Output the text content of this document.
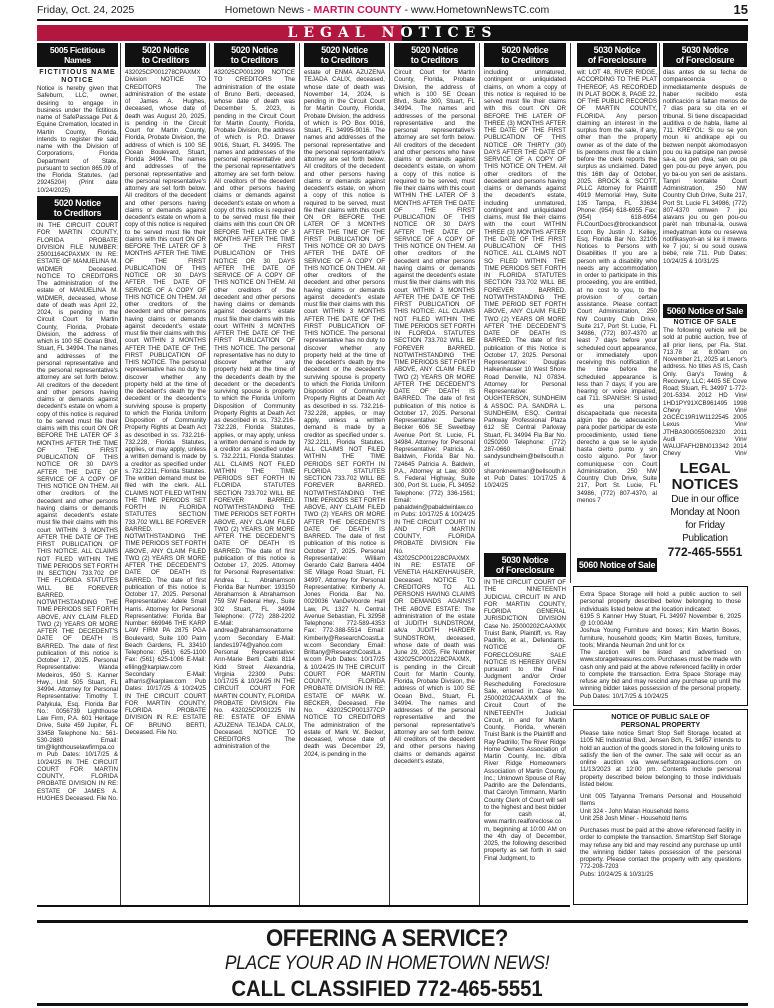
Friday, Oct. 24, 2025	Hometown News - MARTIN COUNTY - www.HometownNewsTC.com	15
LEGAL NOTICES
5005 Fictitious Names
FICTITIOUS NAME NOTICE
Notice is hereby given that Safeburn, LLC, owner, desiring to engage in business under the fictitious name of SafePassage Pet & Equine Cremation, located in Martin County, Florida, intends to register the said name with the Division of Corporations, Florida Department of State, pursuant to section 865.09 of the Florida Statutes. (ad 2924520#) (Print date 10/24/2025)
5020 Notice
to Creditors
IN THE CIRCUIT COURT FOR MARTIN COUNTY, FLORIDA PROBATE DIVISION FILE NUMBER: 25001164CPAXMX IN RE: ESTATE OF MANUELINA M. WIDMER Deceased. NOTICE TO CREDITORS The administration of the estate of MANUELINA M. WIDMER, deceased, whose date of death was April 22, 2024, is pending in the Circuit Court for Martin County, Florida, Probate Division, the address of which is 100 SE Ocean Blvd, Stuart, FL 34994. The names and addresses of the personal representative and the personal representative's attorney are set forth below. All creditors of the decedent and other persons having claims or demands against decedent's estate on whom a copy of this notice is required to be served must file their claims with this court ON OR BEFORE THE LATER OF 3 MONTHS AFTER THE TIME OF THE FIRST PUBLICATION OF THIS NOTICE OR 30 DAYS AFTER THE DATE OF SERVICE OF A COPY OF THIS NOTICE ON THEM. All other creditors of the decedent and other persons having claims or demands against decedent's estate must file their claims with this court WITHIN 3 MONTHS AFTER THE DATE OF THE FIRST PUBLICATION OF THIS NOTICE. ALL CLAIMS NOT FILED WITHIN THE TIME PERIODS SET FORTH IN SECTION 733.702 OF THE FLORIDA STATUTES WILL BE FOREVER BARRED. NOTWITHSTANDING THE TIME PERIODS SET FORTH ABOVE, ANY CLAIM FILED TWO (2) YEARS OR MORE AFTER THE DECEDENT'S DATE OF DEATH IS BARRED. The date of first publication of this notice is October 17, 2025. Personal Representative: Wanda Medeiros, 950 S. Kanner Hwy., Unit 505 Stuart, FL 34994. Attorney for Personal Representative: Timothy T. Patykula, Esq. Florida Bar No.: 0056739 Lighthouse Law Firm, P.A. 601 Heritage Drive, Suite 459 Jupiter, FL 33458 Telephone No.: 561-530-2880 Email: tim@lighthouselawfirmpa.com Pub Dates: 10/17/25 & 10/24/25 IN THE CIRCUIT COURT FOR MARTIN COUNTY, FLORIDA PROBATE DIVISION IN RE: ESTATE OF JAMES A. HUGHES Deceased. File No.
5020 Notice
to Creditors
432025CP001278CPAXMX Division NOTICE TO CREDITORS The administration of the estate of James A. Hughes, deceased, whose date of death was August 20, 2025, is pending in the Circuit Court for Martin County, Florida, Probate Division, the address of which is 100 SE Ocean Boulevard, Stuart, Florida 34994. The names and addresses of the personal representative and the personal representative's attorney are set forth below. All creditors of the decedent and other persons having claims or demands against decedent's estate on whom a copy of this notice is required to be served must file their claims with this court ON OR BEFORE THE LATER OF 3 MONTHS AFTER THE TIME OF THE FIRST PUBLICATION OF THIS NOTICE OR 30 DAYS AFTER THE DATE OF SERVICE OF A COPY OF THIS NOTICE ON THEM. All other creditors of the decedent and other persons having claims or demands against decedent's estate must file their claims with this court WITHIN 3 MONTHS AFTER THE DATE OF THE FIRST PUBLICATION OF THIS NOTICE. The personal representative has no duty to discover whether any property held at the time of the decedent's death by the decedent or the decedent's surviving spouse is property to which the Florida Uniform Disposition of Community Property Rights at Death Act as described in ss. 732.216-732.228, Florida Statutes, applies, or may apply, unless a written demand is made by a creditor as specified under s. 732.2211, Florida Statutes. The written demand must be filed with the clerk. ALL CLAIMS NOT FILED WITHIN THE TIME PERIODS SET FORTH IN FLORIDA STATUTES SECTION 733.702 WILL BE FOREVER BARRED. NOTWITHSTANDING THE TIME PERIODS SET FORTH ABOVE, ANY CLAIM FILED TWO (2) YEARS OR MORE AFTER THE DECEDENT'S DATE OF DEATH IS BARRED. The date of first publication of this notice is October 17, 2025. Personal Representative: Adele Small Harris. Attorney for Personal Representative: Florida Bar Number: 669946 THE KARP LAW FIRM PA 2875 PGA Boulevard, Suite 100 Palm Beach Gardens, FL 33410 Telephone: (561) 625-1100 Fax: (561) 625-1006 E-Mail: efiling@karplaw.com Secondary E-Mail: afharris@karplaw.com Pub Dates: 10/17/25 & 10/24/25 IN THE CIRCUIT COURT FOR MARTIN COUNTY, FLORIDA PROBATE DIVISION IN R.E: ESTATE OF BRUNO BERTI, Deceased. File No.
5020 Notice
to Creditors
432025CP001299 NOTICE TO CREDITORS The administration of the estate of Bruno Berti, deceased, whose date of death was December 5, 2023, is pending in the Circuit Court for Martin County, Florida, Probate Division, the address of which is P.O. Drawer 9016, Stuart, FL 34995. The names and addresses of the personal representative and the personal representative's attorney are set forth below. All creditors of the decedent and other persons having claims or demands against decedent's estate on whom a copy of this notice is required to be served must file their claims with this court ON OR BEFORE THE LATER OF 3 MONTHS AFTER THE TIME OF THE FIRST PUBLICATION OF THIS NOTICE OR 30 DAYS AFTER THE DATE OF SERVICE OF A COPY OF THIS NOTICE ON THEM. All other creditors of the decedent and other persons having claims or demands against decedent's estate must file their claims with this court WITHIN 3 MONTHS AFTER THE DATE OF THE FIRST PUBLICATION OF THIS NOTICE. The personal representative has no duty to discover whether any property held at the time of the decedent's death by the decedent or the decedent's surviving spouse is property to which the Florida Uniform Disposition of Community Property Rights at Death Act as described in ss. 732.216-732.228, Florida Statutes, applies, or may apply, unless a written demand is made by a creditor as specified under s. 732.2211, Florida Statutes. ALL CLAIMS NOT FILED WITHIN THE TIME PERIODS SET FORTH IN FLORIDA STATUTES SECTION 733.702 WILL BE FOREVER BARRED. NOTWITHSTANDING THE TIME PERIODS SET FORTH ABOVE, ANY CLAIM FILED TWO (2) YEARS OR MORE AFTER THE DECEDENT'S DATE OF DEATH IS BARRED. The date of first publication of this notice is October 17, 2025. Attorney for Personal Representative: Andrea L. Abrahamson Florida Bar Number: 193150 Abrahamson & Abrahamson 759 SW Federal Hwy., Suite 302 Stuart, FL 34994 Telephone: (772) 288-2202 E-Mail: andrea@abrahamsonattorney.com Secondary E-Mail: landes1974@yahoo.com Personal Representative: Ann-Marie Berti Calbi 8114 Kidd Street Alexandria, Virginia 22309 Pubs: 10/17/25 & 10/24/25 IN THE CIRCUIT COURT FOR MARTIN COUNTY, FLORIDA PROBATE DIVISION File No. 432025CP001225 IN RE: ESTATE OF ENMA AZUZENA TEJADA CALIX, Deceased. NOTICE TO CREDITORS The administration of the
5020 Notice
to Creditors
estate of ENMA AZUZENA TEJADA CALIX, deceased, whose date of death was November 14, 2024, is pending in the Circuit Court for Martin County, Florida, Probate Division, the address of which is PO Box 9016, Stuart, FL 34995-9016. The names and addresses of the personal representative and the personal representative's attorney are set forth below. All creditors of the decedent and other persons having claims or demands against decedent's estate, on whom a copy of this notice is required to be served, must file their claims with this court ON OR BEFORE THE LATER OF 3 MONTHS AFTER THE TIME OF THE FIRST PUBLICATION OF THIS NOTICE OR 30 DAYS AFTER THE DATE OF SERVICE OF A COPY OF THIS NOTICE ON THEM. All other creditors of the decedent and other persons having claims or demands against decedent's estate must file their claims with this court WITHIN 3 MONTHS AFTER THE DATE OF THE FIRST PUBLICATION OF THIS NOTICE. The personal representative has no duty to discover whether any property held at the time of the decedent's death by the decedent or the decedent's surviving spouse is property to which the Florida Uniform Disposition of Community Property Rights at Death Act as described in ss. 732.216-732.228, applies, or may apply, unless a written demand is made by a creditor as specified under s. 732.2211, Florida Statutes. ALL CLAIMS NOT FILED WITHIN THE TIME PERIODS SET FORTH IN FLORIDA STATUTES SECTION 733.702 WILL BE FOREVER BARRED. NOTWITHSTANDING THE TIME PERIODS SET FORTH ABOVE, ANY CLAIM FILED TWO (2) YEARS OR MORE AFTER THE DECEDENT'S DATE OF DEATH IS BARRED. The date of first publication of this notice is October 17, 2025. Personal Representative: William Gerardo Caliz Barrera 4404 SE Village Road Stuart, FL 34997. Attorney for Personal Representative: Kimberly A. Jones Florida Bar No. 0029036 VanDeVoorde Hall Law, PL 1327 N. Central Avenue Sebastian, FL 32958 Telephone: 772-589-4353 Fax: 772-388-5514 Email: Kimberly@ResearchCoastLaw.com Secondary Email: Brittany@ResearchCoastLaw.com Pub Dates: 10/17/25 & 10/24/25 IN THE CIRCUIT COURT FOR MARTIN COUNTY, FLORIDA PROBATE DIVISION IN RE: ESTATE OF MARK W. BECKER, Deceased. File No. 432025CP001377CP NOTICE TO CREDITORS The administration of the estate of Mark W. Becker, deceased, whose date of death was December 29, 2024, is pending in the
5020 Notice
to Creditors
Circuit Court for Martin County, Florida, Probate Division, the address of which is 100 SE Ocean Blvd., Suite 300, Stuart, FL 34994. The names and addresses of the personal representative and the personal representative's attorney are set forth below. All creditors of the decedent and other persons who have claims or demands against decedent's estate, on whom a copy of this notice is required to be served, must file their claims with this court WITHIN THE LATER OF 3 MONTHS AFTER THE DATE OF THE FIRST PUBLICATION OF THIS NOTICE OR 30 DAYS AFTER THE DATE OF SERVICE OF A COPY OF THIS NOTICE ON THEM. All other creditors of the decedent and other persons having claims or demands against the decedent's estate must file their claims with this court WITHIN 3 MONTHS AFTER THE DATE OF THE FIRST PUBLICATION OF THIS NOTICE. ALL CLAIMS NOT FILED WITHIN THE TIME PERIODS SET FORTH IN FLORIDA STATUTES SECTION 733.702 WILL BE FOREVER BARRED. NOTWITHSTANDING THE TIME PERIODS SET FORTH ABOVE, ANY CLAIM FILED TWO (2) YEARS OR MORE AFTER THE DECEDENT'S DATE OF DEATH IS BARRED. The date of first publication of this notice is October 17, 2025. Personal Representative: Darlene Becker 606 SE Sweetbay Avenue Port St. Lucie, FL 34984. Attorney for Personal Representative: Patricia A. Baldwin, Florida Bar No. 724645 Patricia A. Baldwin, P.A., Attorney at Law, 8000 S. Federal Highway, Suite 300, Port St. Lucie, FL 34952 Telephone: (772) 336-1561; Email: pabaldwin@pabaldwinlaw.com Pubs: 10/17/25 & 10/24/25 IN THE CIRCUIT COURT IN AND FOR MARTIN COUNTY, FLORIDA PROBATE DIVISION File No. 432025CP001228CPAXMX IN RE: ESTATE OF VENETIA HALKENHAUSER, Deceased. NOTICE TO CREDITORS TO ALL PERSONS HAVING CLAIMS OR DEMANDS AGAINST THE ABOVE ESTATE: The administration of the estate of JUDITH SUNDSTROM, a/k/a JUDITH HARDER SUNDSTROM, deceased, whose date of death was June 29, 2025, File Number 432025CP001228CPAXMX, is pending in the Circuit Court for Martin County, Florida, Probate Division, the address of which is 100 SE Ocean Blvd., Stuart, FL 34994. The names and addresses of the personal representative and the personal representative's attorney are set forth below. All creditors of the decedent and other persons having claims or demands against decedent's estate,
5020 Notice
to Creditors
including unmatured, contingent or unliquidated claims, on whom a copy of this notice is required to be served must file their claims with this court ON OR BEFORE THE LATER OF THREE (3) MONTHS AFTER THE DATE OF THE FIRST PUBLICATION OF THIS NOTICE OR THIRTY (30) DAYS AFTER THE DATE OF SERVICE OF A COPY OF THIS NOTICE ON THEM. All other creditors of the decedent and persons having claims or demands against the decedent's estate, including unmatured, contingent and unliquidated claims, must file their claims with the court WITHIN THREE (3) MONTHS AFTER THE DATE OF THE FIRST PUBLICATION OF THIS NOTICE. ALL CLAIMS NOT SO FILED WITHIN THE TIME PERIODS SET FORTH IN FLORIDA STATUTES SECTION 733.702 WILL BE FOREVER BARRED. NOTWITHSTANDING THE TIME PERIOD SET FORTH ABOVE, ANY CLAIM FILED TWO (2) YEARS OR MORE AFTER THE DECEDENT'S DATE OF DEATH IS BARRED. The date of first publication of this Notice is October 17, 2025. Personal Representative: Douglas Halkenhauser 10 West Shore Road Denville, NJ 07834. Attorney for Personal Representative: OUGHTERSON, SUNDHEIM & ASSOC. P.A. SANDRA L. SUNDHEIM, ESQ. Central Parkway Professional Plaza 612 SE Central Parkway Stuart, FL 34994 Fla Bar No. 0250200 Telephone: (772) 287-0660 Email: sandysundheim@bellsouth.net sharonknewman@bellsouth.net Pub Dates: 10/17/25 & 10/24/25
5030 Notice
of Foreclosure
IN THE CIRCUIT COURT OF THE NINETEENTH JUDICIAL CIRCUIT IN AND FOR MARTIN COUNTY, FLORIDA GENERAL JURISDICTION DIVISION Case No. 25000202CAAXMX Truist Bank, Plaintiff, vs. Ray Padrillo, et al., Defendants. NOTICE OF FORECLOSURE SALE NOTICE IS HEREBY GIVEN pursuant to the Final Judgment and/or Order Rescheduling Foreclosure Sale, entered in Case No. 25000202CAAXMX of the Circuit Court of the NINETEENTH Judicial Circuit, in and for Martin County, Florida, wherein Truist Bank is the Plaintiff and Ray Padrillo; The River Ridge Home Owners Association of Martin County, Inc. d/b/a River Ridge Homeowners Association of Martin County, Inc.; Unknown Spouse of Ray Padrillo are the Defendants, that Carolyn Timmann, Martin County Clerk of Court will sell to the highest and best bidder for cash at, www.martin.realforeclose.com, beginning at 10:00 AM on the 4th day of December, 2025, the following described property as set forth in said Final Judgment, to
5030 Notice
of Foreclosure
wit: LOT 48, RIVER RIDGE, ACCORDING TO THE PLAT THEREOF, AS RECORDED IN PLAT BOOK 8, PAGE 22, OF THE PUBLIC RECORDS OF MARTIN COUNTY, FLORIDA. Any person claiming an interest in the surplus from the sale, if any, other than the property owner as of the date of the lis pendens must file a claim before the clerk reports the surplus as unclaimed. Dated this 16th day of October, 2025. BROCK & SCOTT, PLLC Attorney for Plaintiff 4919 Memorial Hwy, Suite 135 Tampa, FL 33634 Phone: (954) 618-6955 Fax: (954) 618-6954 FLCourtDocs@brockandscott.com By Justin J. Kelley, Esq. Florida Bar No. 32106 Notices to Persons with Disabilities If you are a person with a disability who needs any accommodation in order to participate in this proceeding, you are entitled, at no cost to you, to the provision of certain assistance. Please contact Court Administration, 250 NW Country Club Drive, Suite 217, Port St. Lucie, FL 34986, (772) 807-4370 at least 7 days before your scheduled court appearance, or immediately upon receiving this notification if the time before the scheduled appearance is less than 7 days; if you are hearing or voice impaired, call 711. SPANISH: Si usted es una persona discapacitada que necesita algún tipo de adecuación para poder participar de este procedimiento, usted tiene derecho a que se le ayude hasta cierto punto y sin costo alguno. Por favor comuníquese con Court Administration, 250 NW Country Club Drive, Suite 217, Port St. Lucie, FL 34986, (772) 807-4370, al menos 7
5060 Notice of Sale
5030 Notice
of Foreclosure
días antes de su fecha de comparecencia o inmediatamente después de haber recibido esta notificación si faltan menos de 7 días para su cita en el tribunal. Si tiene discapacidad auditiva o de habla, llame al 711. KREYOL: Si ou se yon moun ki andikape epi ou bezwen nenpòt akomodasyon pou ou ka patisipe nan pwosè sa-a, ou gen dwa, san ou pa gen pou-ou peye anyen, pou yo ba-ou yon seri de asistans. Tanpri kontakte Court Administration, 250 NW Country Club Drive, Suite 217, Port St. Lucie FL 34986, (772) 807-4370 omwen 7 jou alavans jou ou gen pou-ou parèt nan tribunal-la, ouswa imedyatman kote ou resevwa notifikasyon-an si ke li mwens ke 7 jou; si ou soud ouswa bèbè, rele 711. Pub Dates: 10/24/25 & 10/31/25
5060 Notice of Sale
NOTICE OF SALE
The following vehicle will be sold at public auction, free of all prior liens, per Fla. Stat. 713.78 at 8:00am on November 21, 2025 at Lenor's address. No titles AS IS, Cash Only. Gary's Towing & Recovery, LLC; 4405 SE Cove Road; Stuart, FL 34997 1-772-201-5334. 2012 HD Vin# 1HD1PY91XCB961495 1998 Chevy Vin# 2GCEC19R1W1122545 2005 Lexus Vin# JTHBA30G055062320 2011 Audi Vin# WAUJFAFH2BN013342 2014 Chevy Vin#
LEGAL NOTICES
Due in our office
Monday at Noon
for Friday
Publication
772-465-5551
Extra Space Storage will hold a public auction to sell personal property described below belonging to those individuals listed below at the location indicated:
6195 S Kanner Hwy Stuart, FL 34997 November 6, 2025 @ 10:00AM
Joshua Young Furniture and boxes; Kim Martin Boxes, furniture, household goods; Kim Martin Boxes, furniture, tools; Miranda Neuman 2nd unit for cx
The auction will be listed and advertised on www.storagetreasures.com. Purchases must be made with cash only and paid at the above referenced facility in order to complete the transaction. Extra Space Storage may refuse any bid and may rescind any purchase up until the winning bidder takes possession of the personal property. Pub Dates: 10/17/25 & 10/24/25
NOTICE OF PUBLIC SALE OF
PERSONAL PROPERTY
Please take notice Smart Stop Self Storage located at 1105 NE Industrial Blvd, Jensen Bch, FL 34957 intends to hold an auction of the goods stored in the following units to satisfy the lien of the owner. The sale will occur as an online auction via www.selfstorageauctions.com on 11/13/2023 at 12:00 pm. Contents include personal property described below belonging to those individuals listed below.
Unit 005 Tatyanna Tremans Personal and Household Items
Unit 324 - John Malan Household Items
Unit 258 Josh Miner - Household Items
Purchases must be paid at the above referenced facility in order to complete the transaction. SmartStop Self Storage may refuse any bid and may rescind any purchase up until the winning bidder takes possession of the personal property. Please contact the property with any questions 772-208-7203
Pubs: 10/24/25 & 10/31/25
OFFERING A SERVICE?
PLACE YOUR AD IN HOMETOWN NEWS!
CALL CLASSIFIED 772-465-5551
